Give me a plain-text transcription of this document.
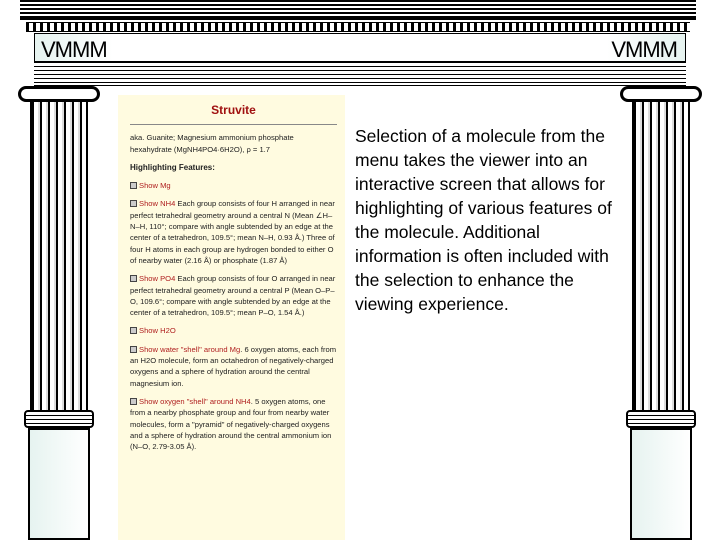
VMMM	VMMM
Struvite

aka. Guanite; Magnesium ammonium phosphate hexahydrate (MgNH4PO4·6H2O), ρ = 1.7

Highlighting Features:

Show Mg

Show NH4 Each group consists of four H arranged in near perfect tetrahedral geometry around a central N (Mean ∠H–N–H, 110°; compare with angle subtended by an edge at the center of a tetrahedron, 109.5°; mean N–H, 0.93 Å.) Three of four H atoms in each group are hydrogen bonded to either O of nearby water (2.16 Å) or phosphate (1.87 Å)

Show PO4 Each group consists of four O arranged in near perfect tetrahedral geometry around a central P (Mean O–P–O, 109.6°; compare with angle subtended by an edge at the center of a tetrahedron, 109.5°; mean P–O, 1.54 Å.)

Show H2O

Show water "shell" around Mg. 6 oxygen atoms, each from an H2O molecule, form an octahedron of negatively-charged oxygens and a sphere of hydration around the central magnesium ion.

Show oxygen "shell" around NH4. 5 oxygen atoms, one from a nearby phosphate group and four from nearby water molecules, form a "pyramid" of negatively-charged oxygens and a sphere of hydration around the central ammonium ion (N–O, 2.79-3.05 Å).

Selection of a molecule from the menu takes the viewer into an interactive screen that allows for highlighting of various features of the molecule. Additional information is often included with the selection to enhance the viewing experience.
